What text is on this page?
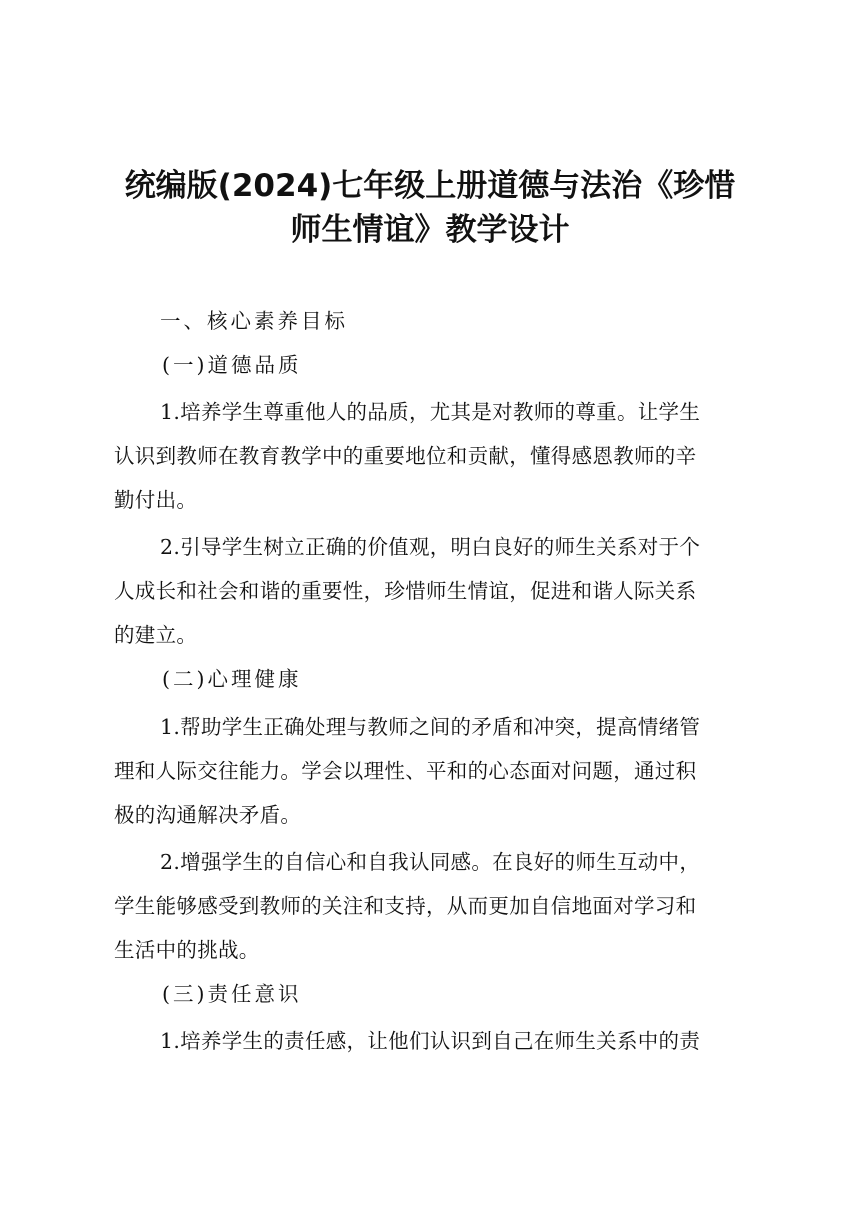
统编版(2024)七年级上册道德与法治《珍惜
师生情谊》教学设计

一、核心素养目标

(一)道德品质

1.培养学生尊重他人的品质，尤其是对教师的尊重。让学生

认识到教师在教育教学中的重要地位和贡献，懂得感恩教师的辛

勤付出。

2.引导学生树立正确的价值观，明白良好的师生关系对于个

人成长和社会和谐的重要性，珍惜师生情谊，促进和谐人际关系

的建立。

(二)心理健康

1.帮助学生正确处理与教师之间的矛盾和冲突，提高情绪管

理和人际交往能力。学会以理性、平和的心态面对问题，通过积

极的沟通解决矛盾。

2.增强学生的自信心和自我认同感。在良好的师生互动中，

学生能够感受到教师的关注和支持，从而更加自信地面对学习和

生活中的挑战。

(三)责任意识

1.培养学生的责任感，让他们认识到自己在师生关系中的责
